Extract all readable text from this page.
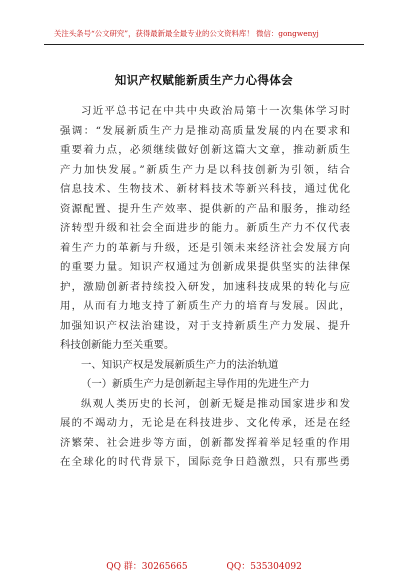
关注头条号“公文研究”，获得最新最全最专业的公文资料库！ 微信：gongwenyj
知识产权赋能新质生产力心得体会
习近平总书记在中共中央政治局第十一次集体学习时
强调：“发展新质生产力是推动高质量发展的内在要求和
重要着力点，必须继续做好创新这篇大文章，推动新质生
产力加快发展。”新质生产力是以科技创新为引领，结合
信息技术、生物技术、新材料技术等新兴科技，通过优化
资源配置、提升生产效率、提供新的产品和服务，推动经
济转型升级和社会全面进步的能力。新质生产力不仅代表
着生产力的革新与升级，还是引领未来经济社会发展方向
的重要力量。知识产权通过为创新成果提供坚实的法律保
护，激励创新者持续投入研发，加速科技成果的转化与应
用，从而有力地支持了新质生产力的培育与发展。因此，
加强知识产权法治建设，对于支持新质生产力发展、提升
科技创新能力至关重要。
一、知识产权是发展新质生产力的法治轨道
（一）新质生产力是创新起主导作用的先进生产力
纵观人类历史的长河，创新无疑是推动国家进步和发
展的不竭动力，无论是在科技进步、文化传承，还是在经
济繁荣、社会进步等方面，创新都发挥着举足轻重的作用
在全球化的时代背景下，国际竞争日趋激烈，只有那些勇
QQ 群：30265665	QQ：535304092
